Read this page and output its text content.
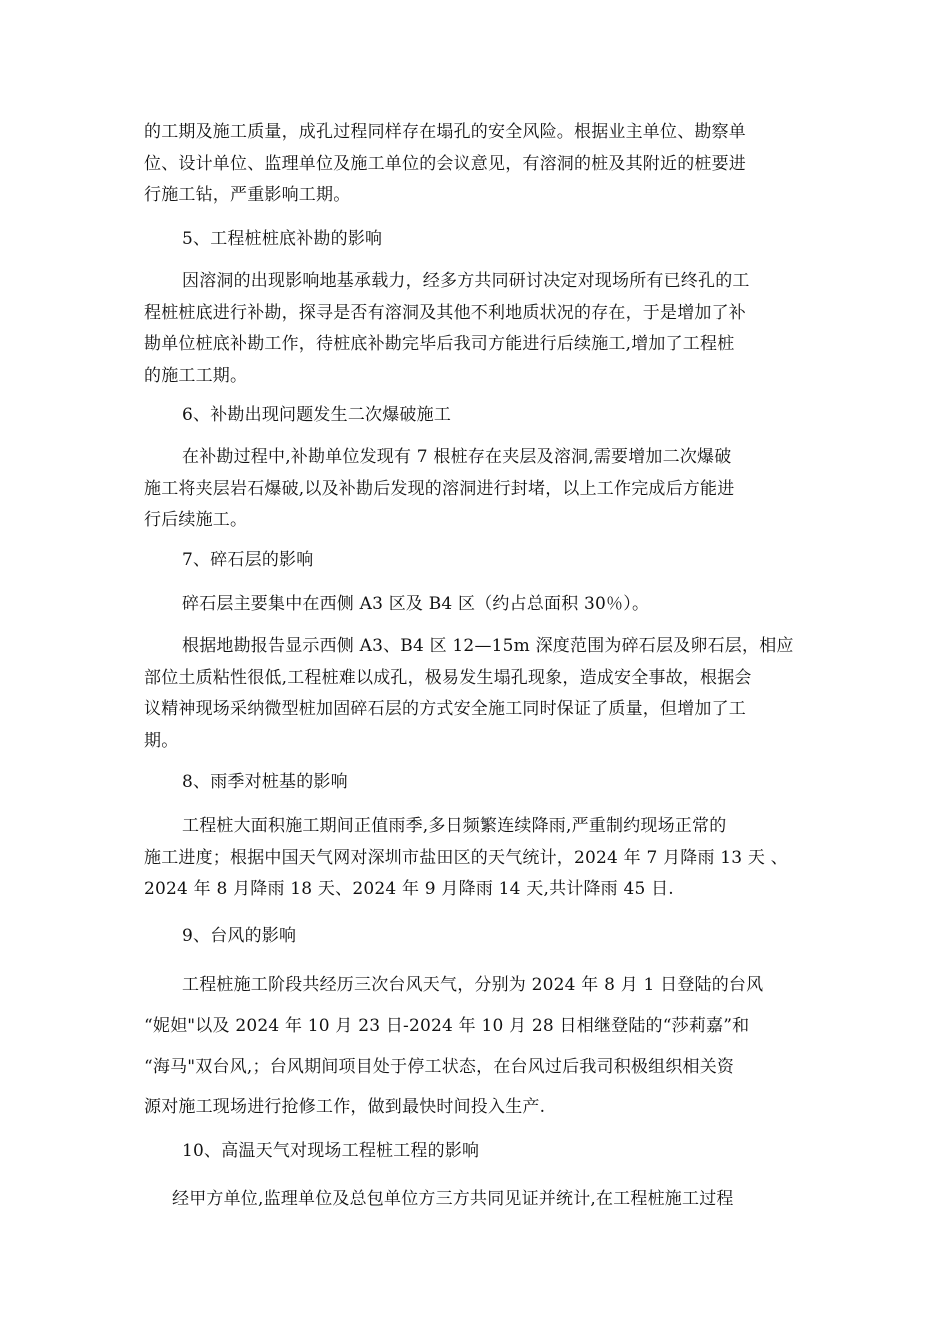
的工期及施工质量，成孔过程同样存在塌孔的安全风险。根据业主单位、勘察单
位、设计单位、监理单位及施工单位的会议意见，有溶洞的桩及其附近的桩要进
行施工钻，严重影响工期。
5、工程桩桩底补勘的影响
因溶洞的出现影响地基承载力，经多方共同研讨决定对现场所有已终孔的工
程桩桩底进行补勘，探寻是否有溶洞及其他不利地质状况的存在，于是增加了补
勘单位桩底补勘工作，待桩底补勘完毕后我司方能进行后续施工,增加了工程桩
的施工工期。
6、补勘出现问题发生二次爆破施工
在补勘过程中,补勘单位发现有 7 根桩存在夹层及溶洞,需要增加二次爆破
施工将夹层岩石爆破,以及补勘后发现的溶洞进行封堵，以上工作完成后方能进
行后续施工。
7、碎石层的影响
碎石层主要集中在西侧 A3 区及 B4 区（约占总面积 30％）。
根据地勘报告显示西侧 A3、B4 区 12—15m 深度范围为碎石层及卵石层，相应
部位土质粘性很低,工程桩难以成孔，极易发生塌孔现象，造成安全事故，根据会
议精神现场采纳微型桩加固碎石层的方式安全施工同时保证了质量，但增加了工
期。
8、雨季对桩基的影响
工程桩大面积施工期间正值雨季,多日频繁连续降雨,严重制约现场正常的
施工进度；根据中国天气网对深圳市盐田区的天气统计，2024 年 7 月降雨 13 天 、
2024 年 8 月降雨 18 天、2024 年 9 月降雨 14 天,共计降雨 45 日.
9、台风的影响
工程桩施工阶段共经历三次台风天气，分别为 2024 年 8 月 1 日登陆的台风
“妮妲"以及 2024 年 10 月 23 日-2024 年 10 月 28 日相继登陆的“莎莉嘉”和
“海马"双台风,；台风期间项目处于停工状态，在台风过后我司积极组织相关资
源对施工现场进行抢修工作，做到最快时间投入生产.
10、高温天气对现场工程桩工程的影响
经甲方单位,监理单位及总包单位方三方共同见证并统计,在工程桩施工过程
